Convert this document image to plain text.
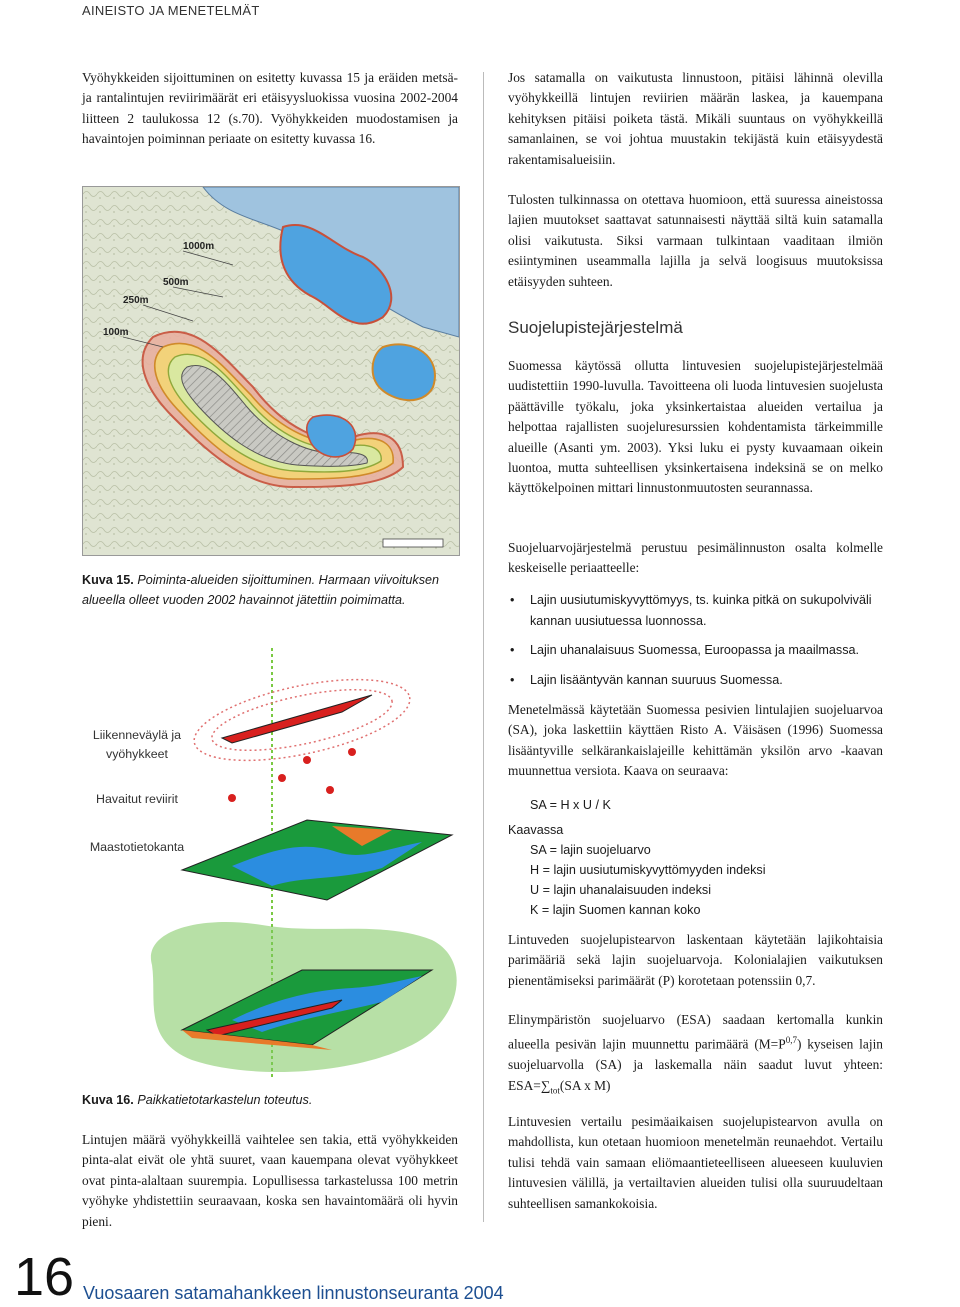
AINEISTO JA MENETELMÄT

Vyöhykkeiden sijoittuminen on esitetty kuvassa 15 ja eräiden metsä- ja rantalintujen reviirimäärät eri etäisyysluokissa vuosina 2002-2004 liitteen 2 taulukossa 12 (s.70). Vyöhykkeiden muodostamisen ja havaintojen poiminnan periaate on esitetty kuvassa 16.

1000m
500m
250m
100m

Kuva 15. Poiminta-alueiden sijoittuminen. Harmaan viivoituksen alueella olleet vuoden 2002 havainnot jätettiin poimimatta.

Liikenneväylä ja vyöhykkeet
Havaitut reviirit
Maastotietokanta

Kuva 16. Paikkatietotarkastelun toteutus.

Lintujen määrä vyöhykkeillä vaihtelee sen takia, että vyöhykkeiden pinta-alat eivät ole yhtä suuret, vaan kauempana olevat vyöhykkeet ovat pinta-alaltaan suurempia. Lopullisessa tarkastelussa 100 metrin vyöhyke yhdistettiin seuraavaan, koska sen havaintomäärä oli hyvin pieni.

Jos satamalla on vaikutusta linnustoon, pitäisi lähinnä olevilla vyöhykkeillä lintujen reviirien määrän laskea, ja kauempana kehityksen pitäisi poiketa tästä. Mikäli suuntaus on vyöhykkeillä samanlainen, se voi johtua muustakin tekijästä kuin etäisyydestä rakentamisalueisiin.

Tulosten tulkinnassa on otettava huomioon, että suuressa aineistossa lajien muutokset saattavat satunnaisesti näyttää siltä kuin satamalla olisi vaikutusta. Siksi varmaan tulkintaan vaaditaan ilmiön esiintyminen useammalla lajilla ja selvä loogisuus muutoksissa etäisyyden suhteen.

Suojelupistejärjestelmä

Suomessa käytössä ollutta lintuvesien suojelupistejärjestelmää uudistettiin 1990-luvulla. Tavoitteena oli luoda lintuvesien suojelusta päättäville työkalu, joka yksinkertaistaa alueiden vertailua ja helpottaa rajallisten suojeluresurssien kohdentamista tärkeimmille alueille (Asanti ym. 2003). Yksi luku ei pysty kuvaamaan oikein luontoa, mutta suhteellisen yksinkertaisena indeksinä se on melko käyttökelpoinen mittari linnustonmuutosten seurannassa.

Suojeluarvojärjestelmä perustuu pesimälinnuston osalta kolmelle keskeiselle periaatteelle:

• Lajin uusiutumiskyvyttömyys, ts. kuinka pitkä on sukupolviväli kannan uusiutuessa luonnossa.
• Lajin uhanalaisuus Suomessa, Euroopassa ja maailmassa.
• Lajin lisääntyvän kannan suuruus Suomessa.

Menetelmässä käytetään Suomessa pesivien lintulajien suojeluarvoa (SA), joka laskettiin käyttäen Risto A. Väisäsen (1996) Suomessa lisääntyville selkärankaislajeille kehittämän yksilön arvo -kaavan muunnettua versiota. Kaava on seuraava:

SA = H x U / K
Kaavassa
SA = lajin suojeluarvo
H = lajin uusiutumiskyvyttömyyden indeksi
U = lajin uhanalaisuuden indeksi
K = lajin Suomen kannan koko

Lintuveden suojelupistearvon laskentaan käytetään lajikohtaisia parimääriä sekä lajin suojeluarvoja. Kolonialajien vaikutuksen pienentämiseksi parimäärät (P) korotetaan potenssiin 0,7.

Elinympäristön suojeluarvo (ESA) saadaan kertomalla kunkin alueella pesivän lajin muunnettu parimäärä $(M=P^{0,7})$ kyseisen lajin suojeluarvolla (SA) ja laskemalla näin saadut luvut yhteen: $ESA=\sum_{tot}(SA$ x M)

Lintuvesien vertailu pesimäaikaisen suojelupistearvon avulla on mahdollista, kun otetaan huomioon menetelmän reunaehdot. Vertailu tulisi tehdä vain samaan eliömaantieteelliseen alueeseen kuuluvien lintuvesien välillä, ja vertailtavien alueiden tulisi olla suuruudeltaan suhteellisen samankokoisia.

16 Vuosaaren satamahankkeen linnustonseuranta 2004
